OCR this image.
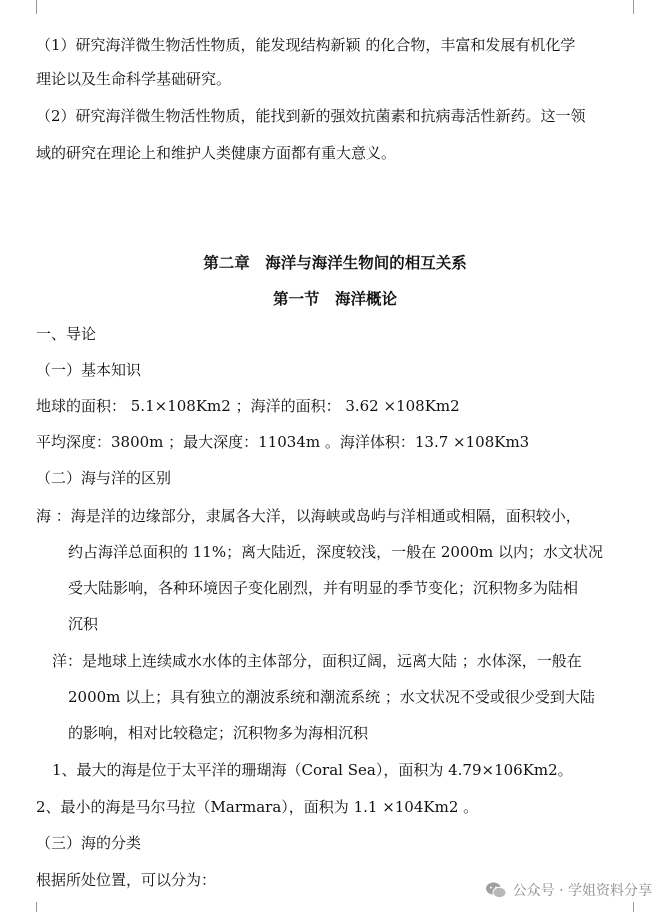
（1）研究海洋微生物活性物质，能发现结构新颖 的化合物，丰富和发展有机化学
理论以及生命科学基础研究。
（2）研究海洋微生物活性物质，能找到新的强效抗菌素和抗病毒活性新药。这一领
域的研究在理论上和维护人类健康方面都有重大意义。
第二章　海洋与海洋生物间的相互关系
第一节　海洋概论
一、导论
（一）基本知识
地球的面积： 5.1×108Km2 ；海洋的面积： 3.62 ×108Km2
平均深度：3800m ；最大深度：11034m 。海洋体积：13.7 ×108Km3
（二）海与洋的区别
海 ：海是洋的边缘部分，隶属各大洋，以海峡或岛屿与洋相通或相隔，面积较小，
约占海洋总面积的 11%；离大陆近，深度较浅，一般在 2000m 以内；水文状况
受大陆影响，各种环境因子变化剧烈，并有明显的季节变化；沉积物多为陆相
沉积
洋：是地球上连续咸水水体的主体部分，面积辽阔，远离大陆 ；水体深，一般在
2000m 以上；具有独立的潮波系统和潮流系统 ；水文状况不受或很少受到大陆
的影响，相对比较稳定；沉积物多为海相沉积
1、最大的海是位于太平洋的珊瑚海（Coral Sea），面积为 4.79×106Km2。
2、最小的海是马尔马拉（Marmara），面积为 1.1 ×104Km2 。
（三）海的分类
根据所处位置，可以分为：
公众号 · 学姐资料分享
